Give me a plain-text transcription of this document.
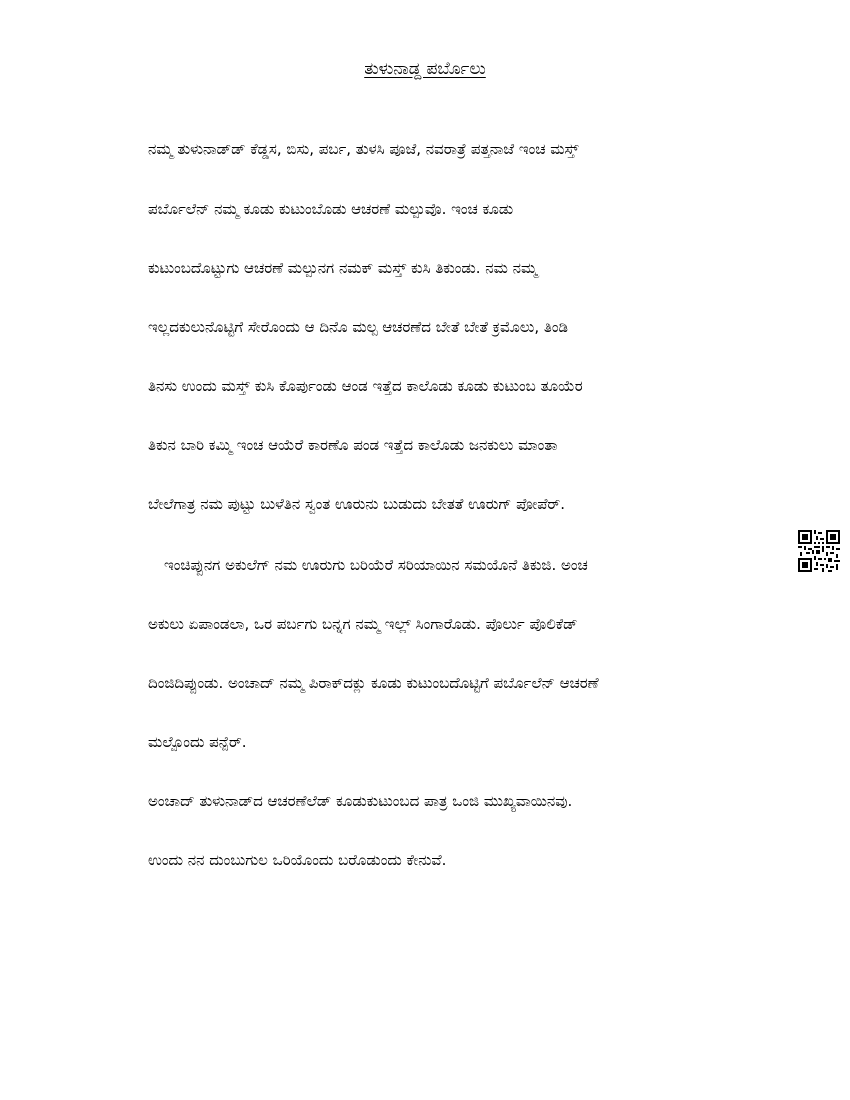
ತುಳುನಾಡ್ದ ಪರ್ಬೊಲು
ನಮ್ಮ ತುಳುನಾಡ್‌ಡ್ ಕೆಡ್ಡಸ, ಬಿಸು, ಪರ್ಬ, ತುಳಸಿ ಪೂಜೆ, ನವರಾತ್ರೆ ಪತ್ತನಾಜೆ ಇಂಚ ಮಸ್ತ್
ಪರ್ಬೊಲೆನ್ ನಮ್ಮ ಕೂಡು ಕುಟುಂಬೊಡು ಆಚರಣೆ ಮಲ್ಪುವೊ. ಇಂಚ ಕೂಡು
ಕುಟುಂಬದೊಟ್ಟುಗು ಆಚರಣೆ ಮಲ್ಪುನಗ ನಮಕ್ ಮಸ್ತ್ ಕುಸಿ ತಿಕುಂಡು. ನಮ ನಮ್ಮ
ಇಲ್ಲದಕುಲುನೊಟ್ಟಿಗೆ ಸೇರೊಂದು ಆ ದಿನೊ ಮಲ್ಪ ಆಚರಣೆದ ಬೇತೆ ಬೇತೆ ಕ್ರಮೊಲು, ತಿಂಡಿ
ತಿನಸು ಉಂದು ಮಸ್ತ್ ಕುಸಿ ಕೊರ್ಪುಂಡು ಆಂಡ ಇತ್ತೆದ ಕಾಲೊಡು ಕೂಡು ಕುಟುಂಬ ತೂಯೆರ
ತಿಕುನ ಬಾರಿ ಕಮ್ಮಿ ಇಂಚ ಆಯೆರೆ ಕಾರಣೊ ಪಂಡ ಇತ್ತೆದ ಕಾಲೊಡು ಜನಕುಲು ಮಾಂತಾ
ಬೇಲೆಗಾತ್ರ ನಮ ಪುಟ್ಟು ಬುಳೆತಿನ ಸ್ವಂತ ಊರುನು ಬುಡುದು ಬೇತತೆ ಊರುಗ್ ಪೋಪೆರ್.
ಇಂಚಿಪ್ಪುನಗ ಅಕುಲೆಗ್ ನಮ ಊರುಗು ಬರಿಯೆರೆ ಸರಿಯಾಯಿನ ಸಮಯೊನೆ ತಿಕುಜಿ. ಅಂಚ
ಅಕುಲು ಏಪಾಂಡಲಾ, ಒರ ಪರ್ಬಗು ಬನ್ನಗ ನಮ್ಮ ಇಲ್ಲ್ ಸಿಂಗಾರೊಡು. ಪೊರ್ಲು ಪೊಲಿಕೆಡ್
ದಿಂಜಿದಿಪ್ಪುಂಡು. ಅಂಚಾದ್ ನಮ್ಮ ಪಿರಾಕ್‌ದಕ್ಲು ಕೂಡು ಕುಟುಂಬದೊಟ್ಟಿಗೆ ಪರ್ಬೊಲೆನ್ ಆಚರಣೆ
ಮಲ್ಪೊಂದು ಪನ್ಪೆರ್.
ಅಂಚಾದ್ ತುಳುನಾಡ್‌ದ ಆಚರಣೆಲೆಡ್ ಕೂಡುಕುಟುಂಬದ ಪಾತ್ರ ಒಂಜಿ ಮುಖ್ಯವಾಯಿನವು.
ಉಂದು ನನ ದುಂಬುಗುಲ ಒರಿಯೊಂದು ಬರೊಡುಂದು ಕೇನುವೆ.
